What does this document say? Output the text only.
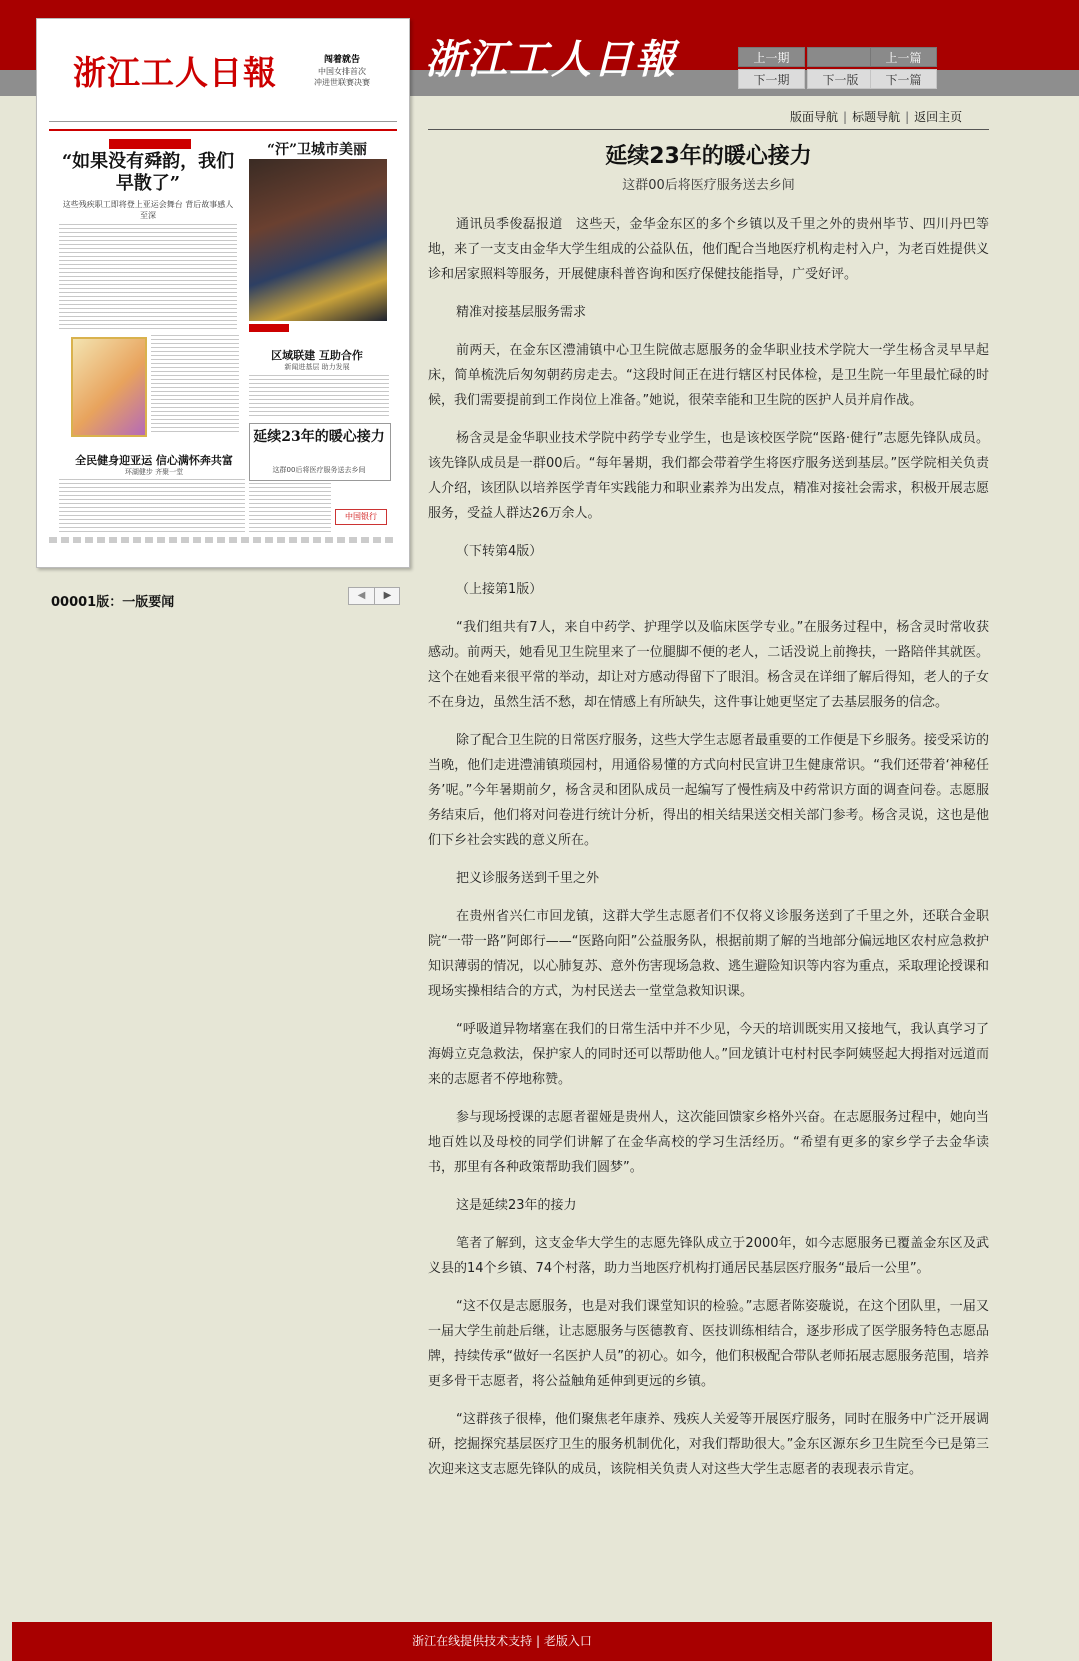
浙江工人日報	上一期	上一篇
下一期	下一版	下一篇
浙江工人日報	闯着就告
中国女排首次
冲进世联赛决赛
“如果没有舜韵，我们早散了”
这些残疾职工即将登上亚运会舞台 背后故事感人至深
“汗”卫城市美丽
区域联建 互助合作
新闻进基层 助力发展
全民健身迎亚运 信心满怀奔共富
环湖健步 齐聚一堂
延续23年的暖心接力
这群00后将医疗服务送去乡间
中国银行
00001版：一版要闻	◀	▶
版面导航 | 标题导航 | 返回主页
延续23年的暖心接力
这群00后将医疗服务送去乡间

通讯员季俊磊报道　这些天，金华金东区的多个乡镇以及千里之外的贵州毕节、四川丹巴等地，来了一支支由金华大学生组成的公益队伍，他们配合当地医疗机构走村入户，为老百姓提供义诊和居家照料等服务，开展健康科普咨询和医疗保健技能指导，广受好评。

精准对接基层服务需求

前两天，在金东区澧浦镇中心卫生院做志愿服务的金华职业技术学院大一学生杨含灵早早起床，简单梳洗后匆匆朝药房走去。“这段时间正在进行辖区村民体检，是卫生院一年里最忙碌的时候，我们需要提前到工作岗位上准备。”她说，很荣幸能和卫生院的医护人员并肩作战。

杨含灵是金华职业技术学院中药学专业学生，也是该校医学院“医路·健行”志愿先锋队成员。该先锋队成员是一群00后。“每年暑期，我们都会带着学生将医疗服务送到基层。”医学院相关负责人介绍，该团队以培养医学青年实践能力和职业素养为出发点，精准对接社会需求，积极开展志愿服务，受益人群达26万余人。

（下转第4版）

（上接第1版）

“我们组共有7人，来自中药学、护理学以及临床医学专业。”在服务过程中，杨含灵时常收获感动。前两天，她看见卫生院里来了一位腿脚不便的老人，二话没说上前搀扶，一路陪伴其就医。这个在她看来很平常的举动，却让对方感动得留下了眼泪。杨含灵在详细了解后得知，老人的子女不在身边，虽然生活不愁，却在情感上有所缺失，这件事让她更坚定了去基层服务的信念。

除了配合卫生院的日常医疗服务，这些大学生志愿者最重要的工作便是下乡服务。接受采访的当晚，他们走进澧浦镇琐园村，用通俗易懂的方式向村民宣讲卫生健康常识。“我们还带着‘神秘任务’呢。”今年暑期前夕，杨含灵和团队成员一起编写了慢性病及中药常识方面的调查问卷。志愿服务结束后，他们将对问卷进行统计分析，得出的相关结果送交相关部门参考。杨含灵说，这也是他们下乡社会实践的意义所在。

把义诊服务送到千里之外

在贵州省兴仁市回龙镇，这群大学生志愿者们不仅将义诊服务送到了千里之外，还联合金职院“一带一路”阿郎行——“医路向阳”公益服务队，根据前期了解的当地部分偏远地区农村应急救护知识薄弱的情况，以心肺复苏、意外伤害现场急救、逃生避险知识等内容为重点，采取理论授课和现场实操相结合的方式，为村民送去一堂堂急救知识课。

“呼吸道异物堵塞在我们的日常生活中并不少见，今天的培训既实用又接地气，我认真学习了海姆立克急救法，保护家人的同时还可以帮助他人。”回龙镇计屯村村民李阿姨竖起大拇指对远道而来的志愿者不停地称赞。

参与现场授课的志愿者翟娅是贵州人，这次能回馈家乡格外兴奋。在志愿服务过程中，她向当地百姓以及母校的同学们讲解了在金华高校的学习生活经历。“希望有更多的家乡学子去金华读书，那里有各种政策帮助我们圆梦”。

这是延续23年的接力

笔者了解到，这支金华大学生的志愿先锋队成立于2000年，如今志愿服务已覆盖金东区及武义县的14个乡镇、74个村落，助力当地医疗机构打通居民基层医疗服务“最后一公里”。

“这不仅是志愿服务，也是对我们课堂知识的检验。”志愿者陈姿璇说，在这个团队里，一届又一届大学生前赴后继，让志愿服务与医德教育、医技训练相结合，逐步形成了医学服务特色志愿品牌，持续传承“做好一名医护人员”的初心。如今，他们积极配合带队老师拓展志愿服务范围，培养更多骨干志愿者，将公益触角延伸到更远的乡镇。

“这群孩子很棒，他们聚焦老年康养、残疾人关爱等开展医疗服务，同时在服务中广泛开展调研，挖掘探究基层医疗卫生的服务机制优化，对我们帮助很大。”金东区源东乡卫生院至今已是第三次迎来这支志愿先锋队的成员，该院相关负责人对这些大学生志愿者的表现表示肯定。

浙江在线提供技术支持 | 老版入口
